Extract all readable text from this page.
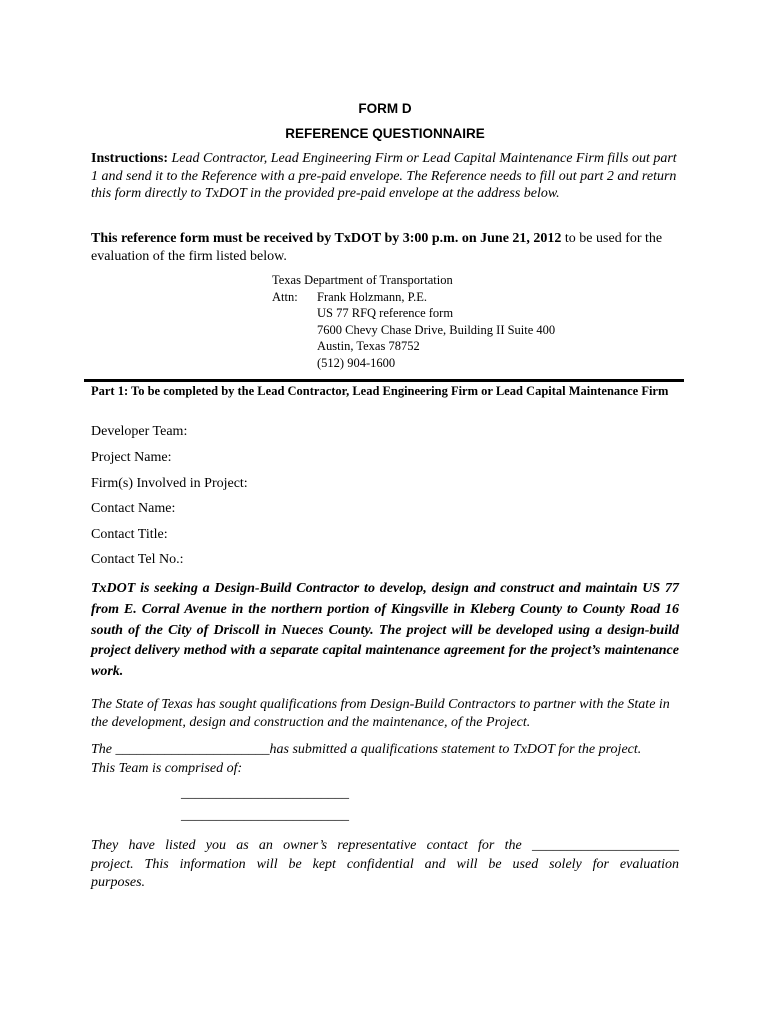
FORM D
REFERENCE QUESTIONNAIRE
Instructions: Lead Contractor, Lead Engineering Firm or Lead Capital Maintenance Firm fills out part 1 and send it to the Reference with a pre-paid envelope. The Reference needs to fill out part 2 and return this form directly to TxDOT in the provided pre-paid envelope at the address below.
This reference form must be received by TxDOT by 3:00 p.m. on June 21, 2012 to be used for the evaluation of the firm listed below.
Texas Department of Transportation
Attn:	Frank Holzmann, P.E.
US 77 RFQ reference form
7600 Chevy Chase Drive, Building II Suite 400
Austin, Texas 78752
(512) 904-1600
Part 1: To be completed by the Lead Contractor, Lead Engineering Firm or Lead Capital Maintenance Firm
Developer Team:
Project Name:
Firm(s) Involved in Project:
Contact Name:
Contact Title:
Contact Tel No.:
TxDOT is seeking a Design-Build Contractor to develop, design and construct and maintain US 77 from E. Corral Avenue in the northern portion of Kingsville in Kleberg County to County Road 16 south of the City of Driscoll in Nueces County. The project will be developed using a design-build project delivery method with a separate capital maintenance agreement for the project’s maintenance work.
The State of Texas has sought qualifications from Design-Build Contractors to partner with the State in the development, design and construction and the maintenance, of the Project.
The ______________________has submitted a qualifications statement to TxDOT for the project.
This Team is comprised of:
________________________
________________________
They have listed you as an owner’s representative contact for the _____________________
project. This information will be kept confidential and will be used solely for evaluation
purposes.
